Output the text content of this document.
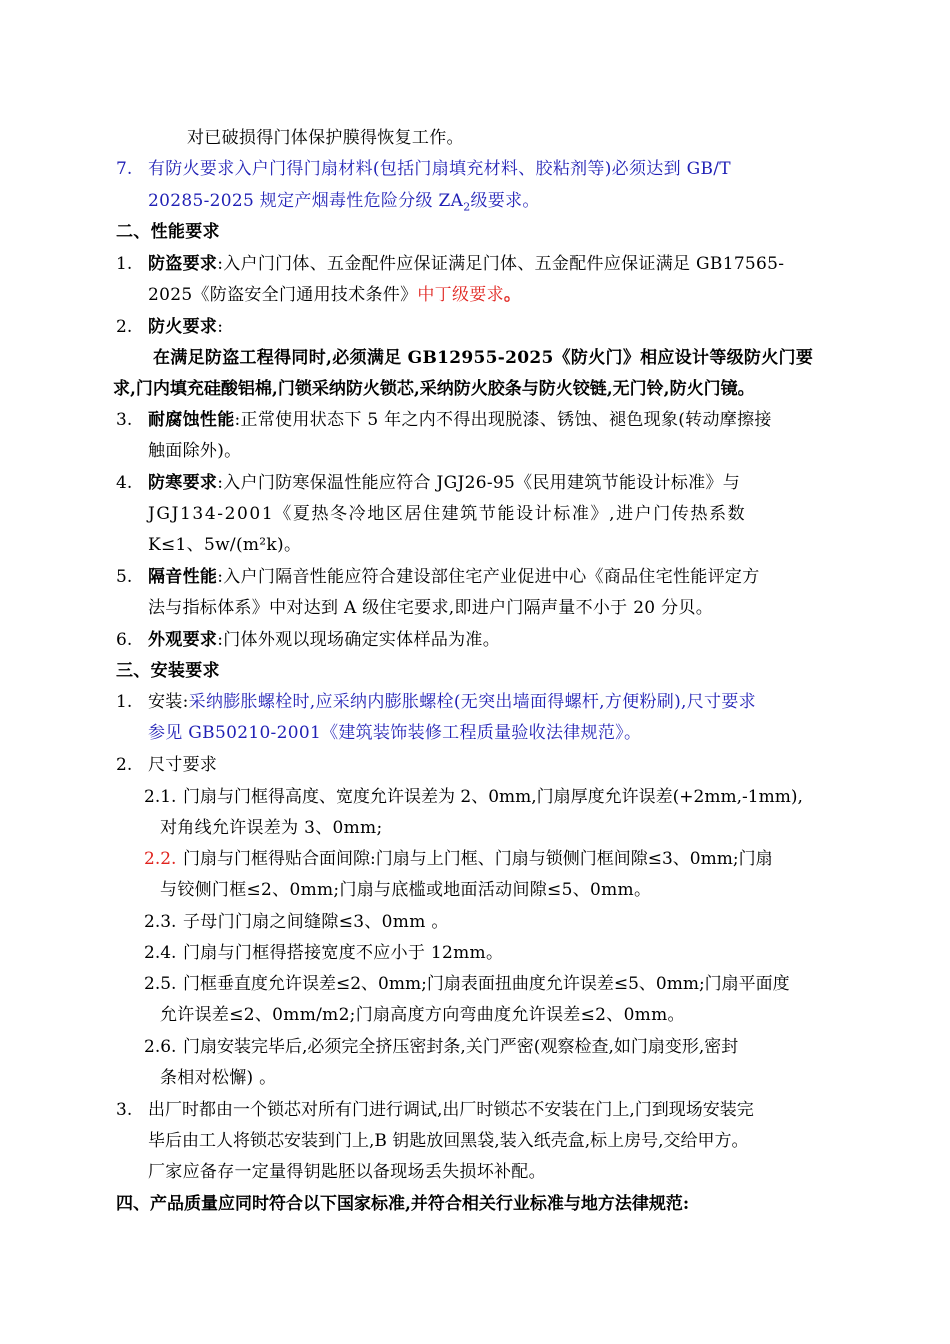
对已破损得门体保护膜得恢复工作。
7. 有防火要求入户门得门扇材料(包括门扇填充材料、胶粘剂等)必须达到 GB/T
20285-2025 规定产烟毒性危险分级 $ZA_2$级要求。
二、性能要求
1. 防盗要求:入户门门体、五金配件应保证满足门体、五金配件应保证满足 GB17565-
2025《防盗安全门通用技术条件》中丁级要求。
2. 防火要求:
在满足防盗工程得同时,必须满足 GB12955-2025《防火门》相应设计等级防火门要
求,门内填充硅酸铝棉,门锁采纳防火锁芯,采纳防火胶条与防火铰链,无门铃,防火门镜。
3. 耐腐蚀性能:正常使用状态下 5 年之内不得出现脱漆、锈蚀、褪色现象(转动摩擦接
触面除外)。
4. 防寒要求:入户门防寒保温性能应符合 JGJ26-95《民用建筑节能设计标准》与
JGJ134-2001《夏热冬冷地区居住建筑节能设计标准》,进户门传热系数
K≤1、5w/(m²k)。
5. 隔音性能:入户门隔音性能应符合建设部住宅产业促进中心《商品住宅性能评定方
法与指标体系》中对达到 A 级住宅要求,即进户门隔声量不小于 20 分贝。
6. 外观要求:门体外观以现场确定实体样品为准。
三、安装要求
1. 安装:采纳膨胀螺栓时,应采纳内膨胀螺栓(无突出墙面得螺杆,方便粉刷),尺寸要求
参见 GB50210-2001《建筑装饰装修工程质量验收法律规范》。
2. 尺寸要求
2.1. 门扇与门框得高度、宽度允许误差为 2、0mm,门扇厚度允许误差(+2mm,-1mm),
对角线允许误差为 3、0mm;
2.2. 门扇与门框得贴合面间隙:门扇与上门框、门扇与锁侧门框间隙≤3、0mm;门扇
与铰侧门框≤2、0mm;门扇与底槛或地面活动间隙≤5、0mm。
2.3. 子母门门扇之间缝隙≤3、0mm 。
2.4. 门扇与门框得搭接宽度不应小于 12mm。
2.5. 门框垂直度允许误差≤2、0mm;门扇表面扭曲度允许误差≤5、0mm;门扇平面度
允许误差≤2、0mm/m2;门扇高度方向弯曲度允许误差≤2、0mm。
2.6. 门扇安装完毕后,必须完全挤压密封条,关门严密(观察检查,如门扇变形,密封
条相对松懈) 。
3. 出厂时都由一个锁芯对所有门进行调试,出厂时锁芯不安装在门上,门到现场安装完
毕后由工人将锁芯安装到门上,B 钥匙放回黑袋,装入纸壳盒,标上房号,交给甲方。
厂家应备存一定量得钥匙胚以备现场丢失损坏补配。
四、产品质量应同时符合以下国家标准,并符合相关行业标准与地方法律规范:
